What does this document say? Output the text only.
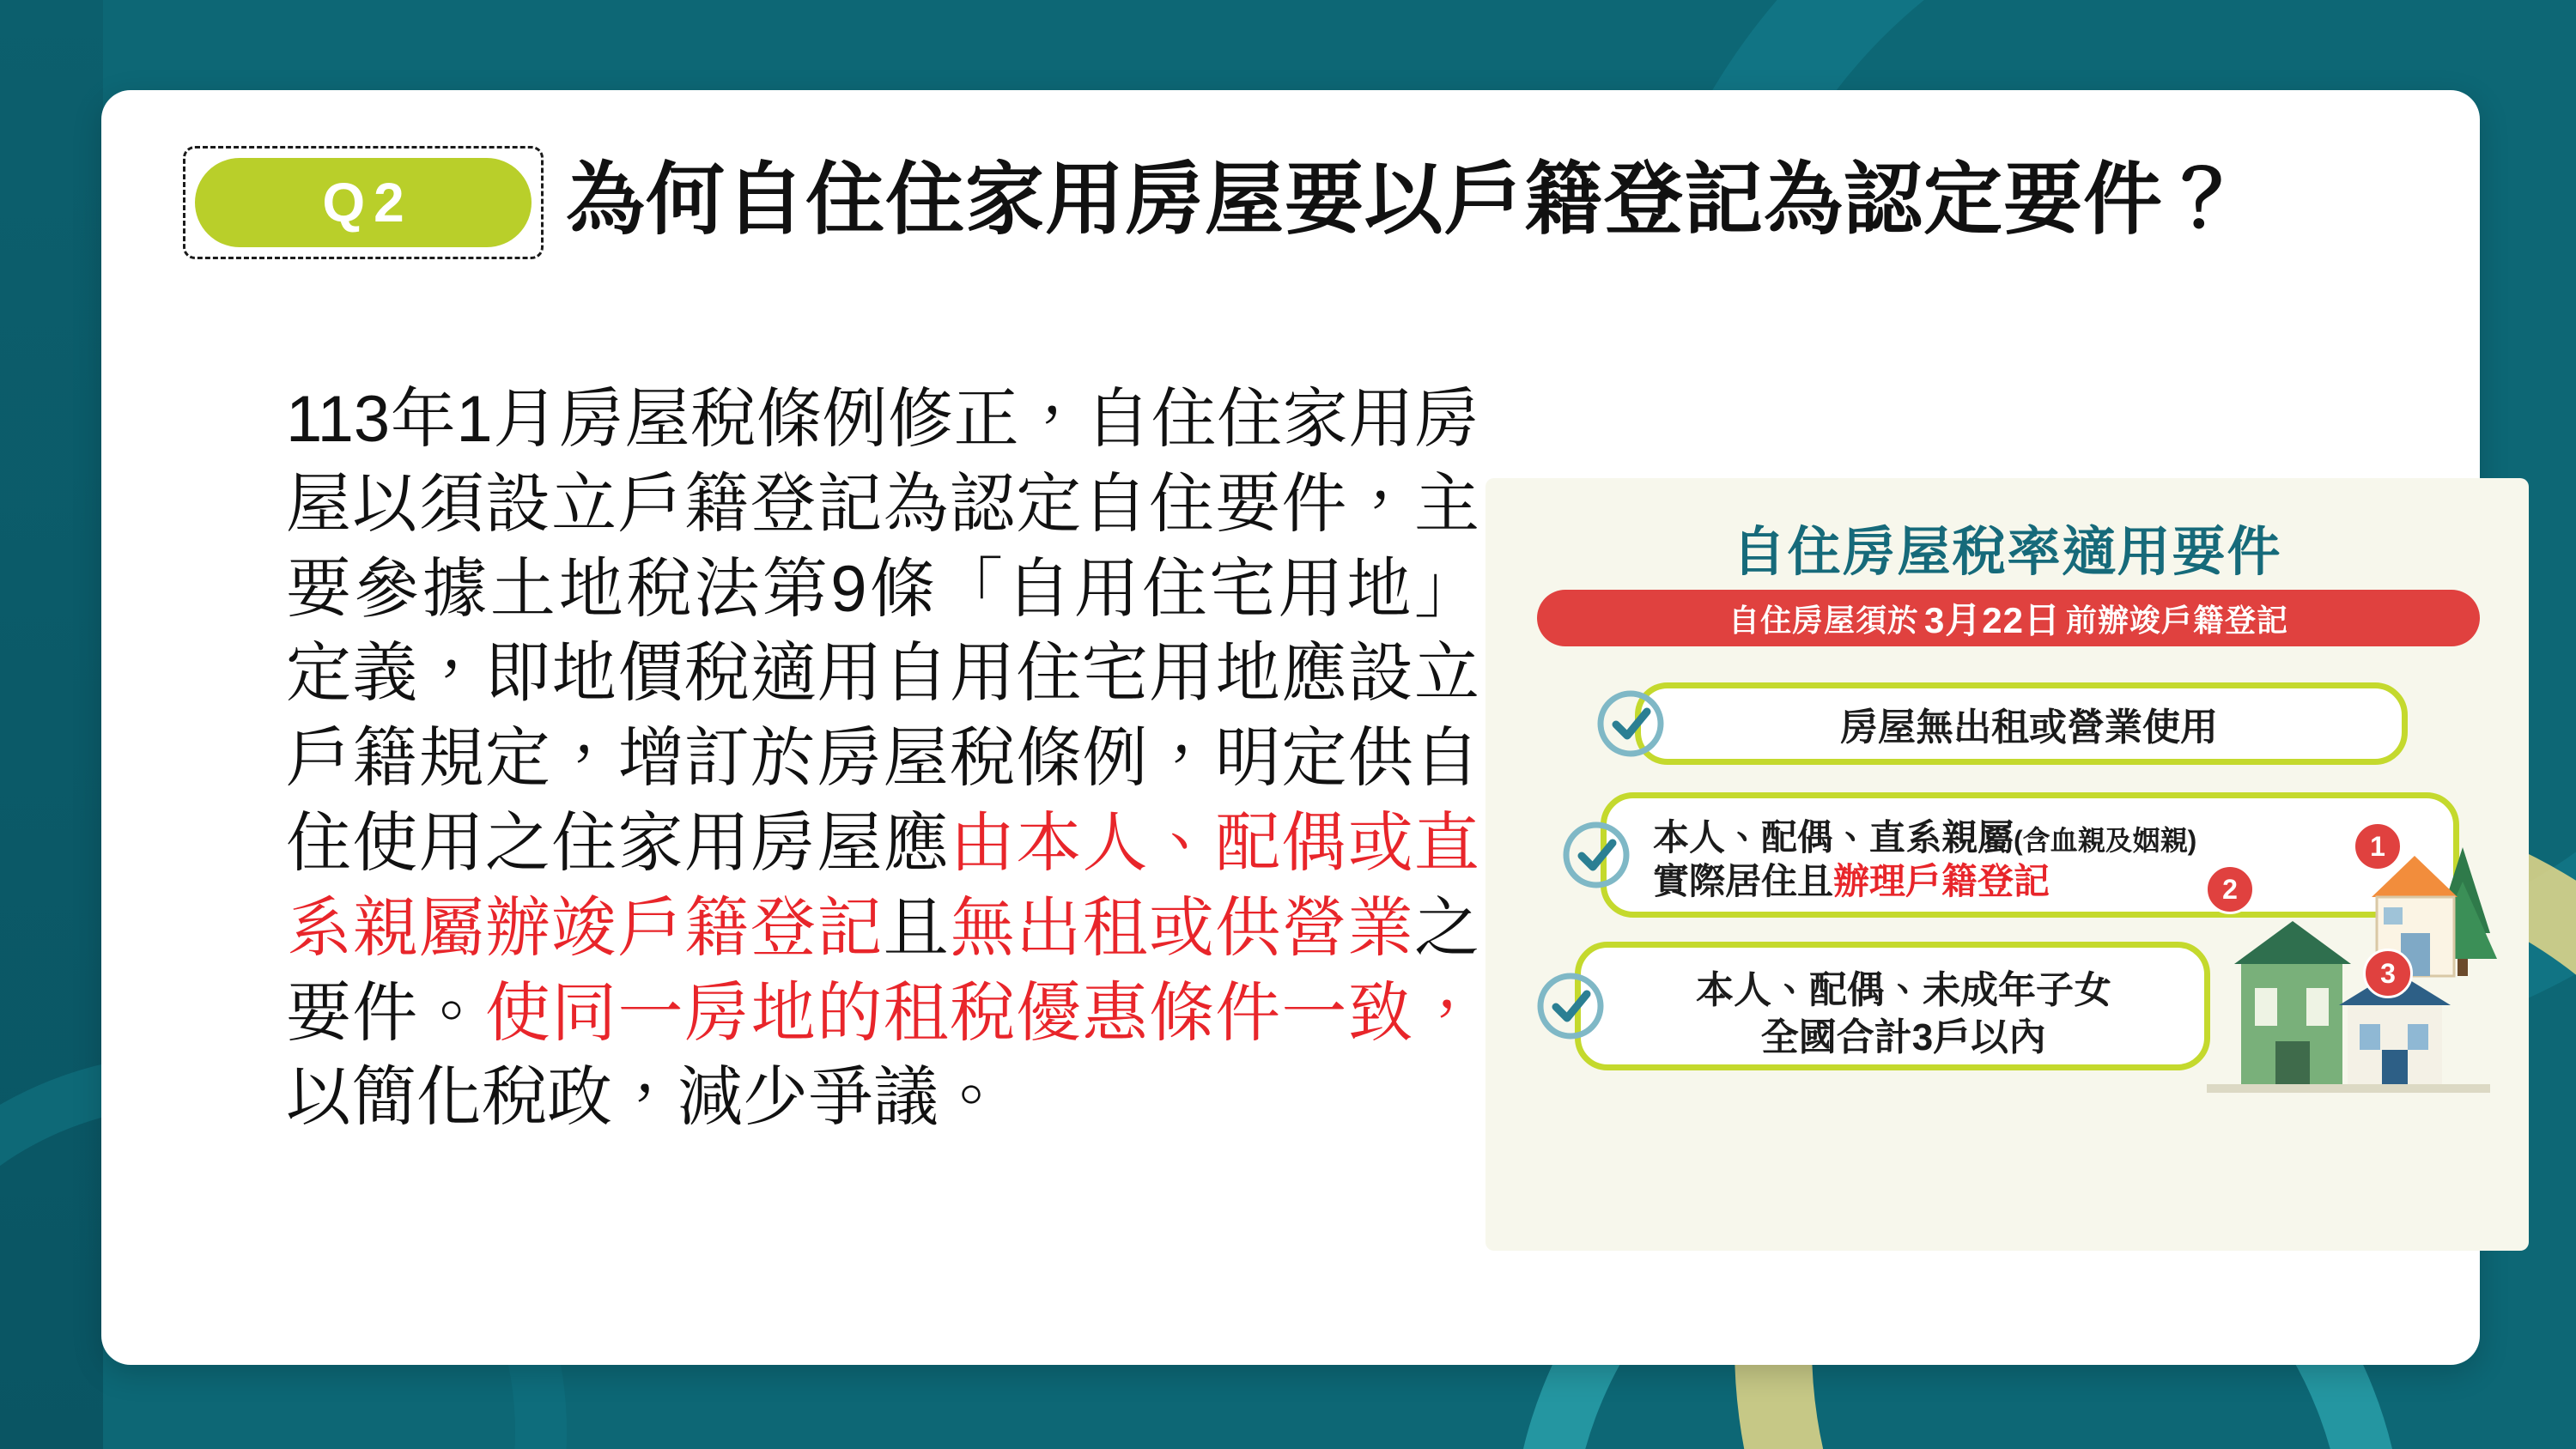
Q2	為何自住住家用房屋要以戶籍登記為認定要件？
113年1月房屋稅條例修正，自住住家用房屋以須設立戶籍登記為認定自住要件，主要參據土地稅法第9條「自用住宅用地」定義，即地價稅適用自用住宅用地應設立戶籍規定，增訂於房屋稅條例，明定供自住使用之住家用房屋應由本人、配偶或直系親屬辦竣戶籍登記且無出租或供營業之要件。使同一房地的租稅優惠條件一致，以簡化稅政，減少爭議。
自住房屋稅率適用要件
自住房屋須於 3月22日 前辦竣戶籍登記
房屋無出租或營業使用
本人、配偶、直系親屬(含血親及姻親)
實際居住且辦理戶籍登記
本人、配偶、未成年子女
全國合計3戶以內
1
2
3
